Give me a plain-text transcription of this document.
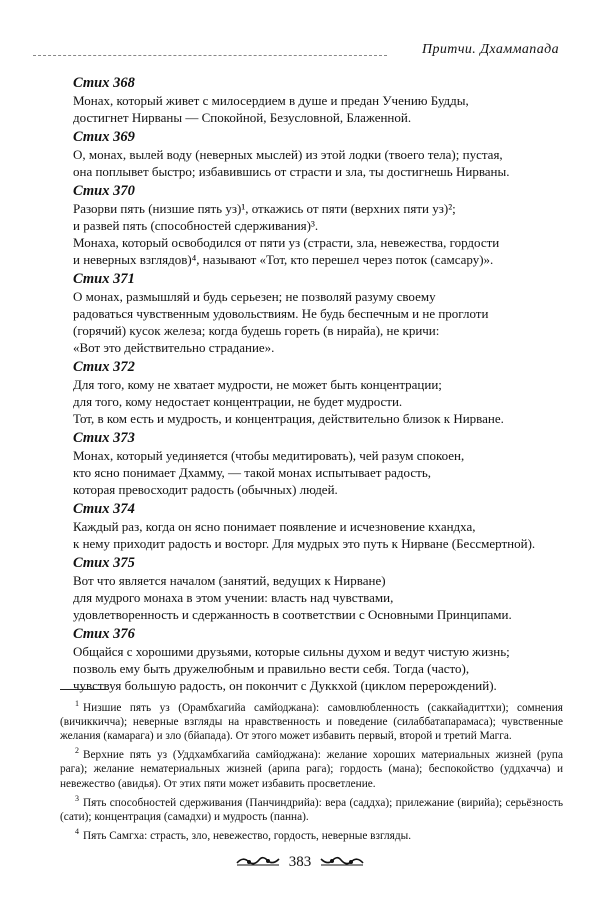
Притчи. Дхаммапада
Стих 368
Монах, который живет с милосердием в душе и предан Учению Будды,
достигнет Нирваны — Спокойной, Безусловной, Блаженной.
Стих 369
О, монах, вылей воду (неверных мыслей) из этой лодки (твоего тела); пустая,
она поплывет быстро; избавившись от страсти и зла, ты достигнешь Нирваны.
Стих 370
Разорви пять (низшие пять уз)¹, откажись от пяти (верхних пяти уз)²;
и развей пять (способностей сдерживания)³.
Монаха, который освободился от пяти уз (страсти, зла, невежества, гордости
и неверных взглядов)⁴, называют «Тот, кто перешел через поток (самсару)».
Стих 371
О монах, размышляй и будь серьезен; не позволяй разуму своему
радоваться чувственным удовольствиям. Не будь беспечным и не проглоти
(горячий) кусок железа; когда будешь гореть (в нирайа), не кричи:
«Вот это действительно страдание».
Стих 372
Для того, кому не хватает мудрости, не может быть концентрации;
для того, кому недостает концентрации, не будет мудрости.
Тот, в ком есть и мудрость, и концентрация, действительно близок к Нирване.
Стих 373
Монах, который уединяется (чтобы медитировать), чей разум спокоен,
кто ясно понимает Дхамму, — такой монах испытывает радость,
которая превосходит радость (обычных) людей.
Стих 374
Каждый раз, когда он ясно понимает появление и исчезновение кхандха,
к нему приходит радость и восторг. Для мудрых это путь к Нирване (Бессмертной).
Стих 375
Вот что является началом (занятий, ведущих к Нирване)
для мудрого монаха в этом учении: власть над чувствами,
удовлетворенность и сдержанность в соответствии с Основными Принципами.
Стих 376
Общайся с хорошими друзьями, которые сильны духом и ведут чистую жизнь;
позволь ему быть дружелюбным и правильно вести себя. Тогда (часто),
чувствуя большую радость, он покончит с Дуккхой (циклом перерождений).

$^1$ Низшие пять уз (Орамбхагийа самйоджана): самовлюбленность (саккайадиттхи); сомнения (вичиккичча); неверные взгляды на нравственность и поведение (силаббатапарамаса); чувственные желания (камарага) и зло (бйапада). От этого может избавить первый, второй и третий Магга.

$^2$ Верхние пять уз (Уддхамбхагийа самйоджана): желание хороших материальных жизней (рупа рага); желание нематериальных жизней (арипа рага); гордость (мана); беспокойство (уддхачча) и невежество (авидья). От этих пяти может избавить просветление.

$^3$ Пять способностей сдерживания (Панчиндрийа): вера (саддха); прилежание (вирийа); серьёзность (сати); концентрация (самадхи) и мудрость (панна).

$^4$ Пять Самгха: страсть, зло, невежество, гордость, неверные взгляды.

383
